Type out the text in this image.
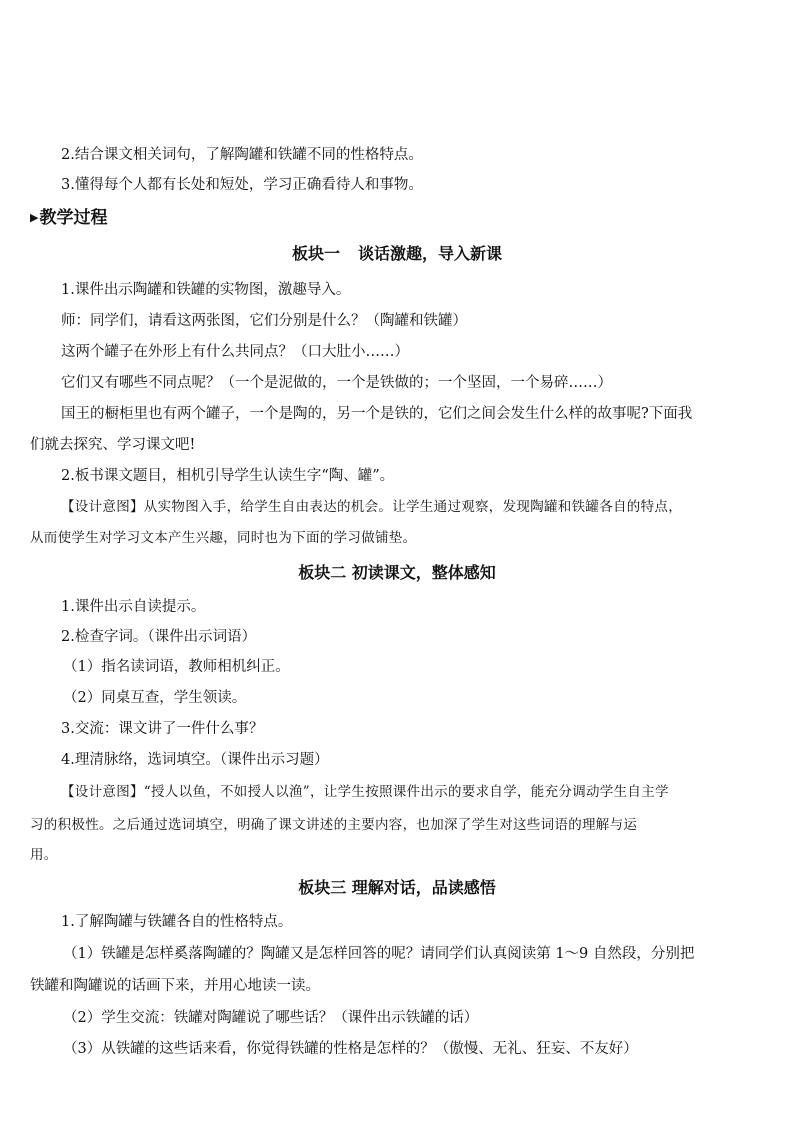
2.结合课文相关词句，了解陶罐和铁罐不同的性格特点。
3.懂得每个人都有长处和短处，学习正确看待人和事物。
▶教学过程
板块一 谈话激趣，导入新课
1.课件出示陶罐和铁罐的实物图，激趣导入。
师：同学们，请看这两张图，它们分别是什么？（陶罐和铁罐）
这两个罐子在外形上有什么共同点？（口大肚小……）
它们又有哪些不同点呢？（一个是泥做的，一个是铁做的；一个坚固，一个易碎……）
国王的橱柜里也有两个罐子，一个是陶的，另一个是铁的，它们之间会发生什么样的故事呢?下面我
们就去探究、学习课文吧!
2.板书课文题目，相机引导学生认读生字“陶、罐”。
【设计意图】从实物图入手，给学生自由表达的机会。让学生通过观察，发现陶罐和铁罐各自的特点，
从而使学生对学习文本产生兴趣，同时也为下面的学习做铺垫。
板块二 初读课文，整体感知
1.课件出示自读提示。
2.检查字词。（课件出示词语）
（1）指名读词语，教师相机纠正。
（2）同桌互查，学生领读。
3.交流：课文讲了一件什么事？
4.理清脉络，选词填空。（课件出示习题）
【设计意图】“授人以鱼，不如授人以渔”，让学生按照课件出示的要求自学，能充分调动学生自主学
习的积极性。之后通过选词填空，明确了课文讲述的主要内容，也加深了学生对这些词语的理解与运
用。
板块三 理解对话，品读感悟
1.了解陶罐与铁罐各自的性格特点。
（1）铁罐是怎样奚落陶罐的？陶罐又是怎样回答的呢？请同学们认真阅读第 1～9 自然段，分别把
铁罐和陶罐说的话画下来，并用心地读一读。
（2）学生交流：铁罐对陶罐说了哪些话？（课件出示铁罐的话）
（3）从铁罐的这些话来看，你觉得铁罐的性格是怎样的？（傲慢、无礼、狂妄、不友好）
